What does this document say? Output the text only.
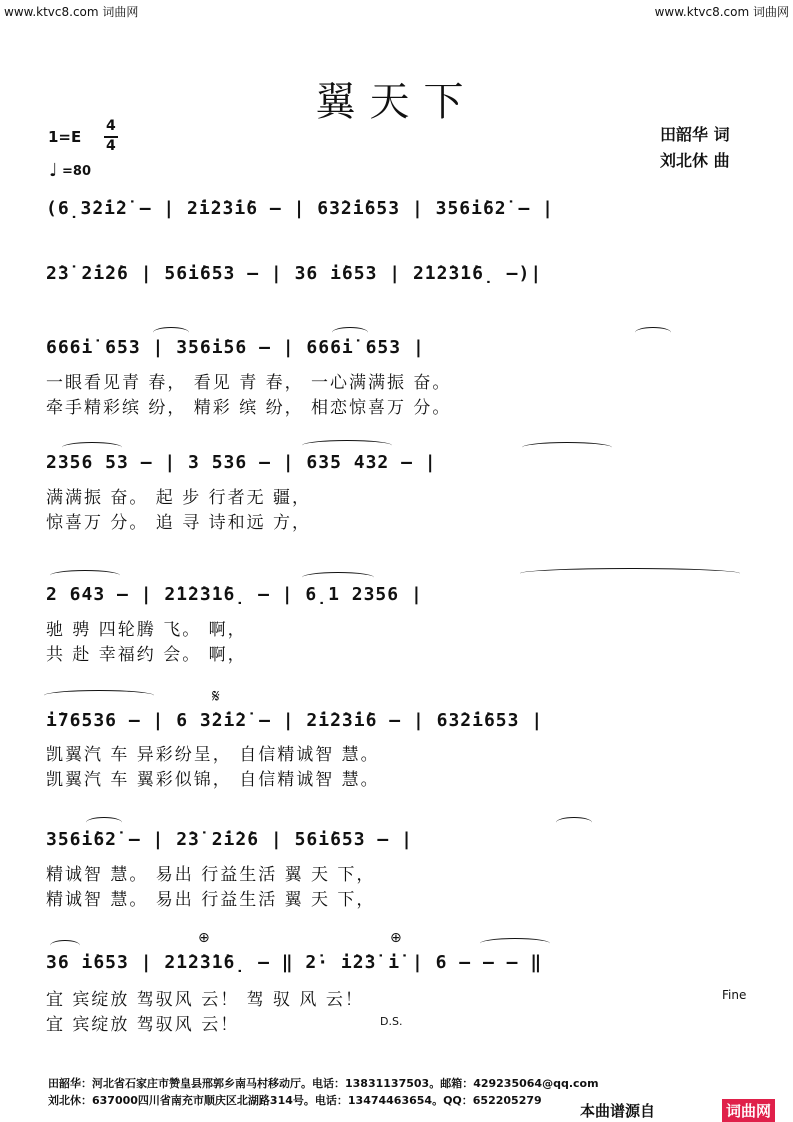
www.ktvc8.com 词曲网	www.ktvc8.com 词曲网
翼天下
1=E
4
4
♩ =80
田韶华 词
刘北休 曲
(6̣3̇2̇i̇2̇ – | 2̇i̇2̇3̇i̇6 – | 63̇2̇i̇653 | 356i̇62̇ – |
2̇3̇ 2̇i̇2̇6 | 56i̇653 – | 36 i̇653 | 2̇1̇2̇3̇1̇6̣ –)|
666i̇ 653 | 356i̇56 – | 666i̇ 653 |
一眼看见青 春， 看见 青 春， 一心满满振 奋。
牵手精彩缤 纷， 精彩 缤 纷， 相恋惊喜万 分。
2356 53 – | 3 536 – | 635 432 – |
满满振 奋。 起 步 行者无 疆，
惊喜万 分。 追 寻 诗和远 方，
2 643 – | 2̇1̇2̇3̇1̇6̣ – | 6̣1 2356 |
驰 骋 四轮腾 飞。 啊，
共 赴 幸福约 会。 啊，
𝄋
i̇76536 – | 6 3̇2̇i̇2̇ – | 2̇i̇2̇3̇i̇6 – | 63̇2̇i̇653 |
凯翼汽 车 异彩纷呈， 自信精诚智 慧。
凯翼汽 车 翼彩似锦， 自信精诚智 慧。
356i̇62̇ – | 2̇3̇ 2̇i̇2̇6 | 56i̇653 – |
精诚智 慧。 易出 行益生活 翼 天 下，
精诚智 慧。 易出 行益生活 翼 天 下，
⊕	⊕
36 i̇653 | 2̇1̇2̇3̇1̇6̣ – ‖ 2̇· i̇2̇3̇ i̇ | 6 – – – ‖
宜 宾绽放 驾驭风 云！ 驾 驭 风 云！
宜 宾绽放 驾驭风 云！
Fine
D.S.
田韶华：河北省石家庄市赞皇县邢郭乡南马村移动厅。电话：13831137503。邮箱：429235064@qq.com
刘北休：637000四川省南充市顺庆区北湖路314号。电话：13474463654。QQ：652205279
本曲谱源自	词曲网
